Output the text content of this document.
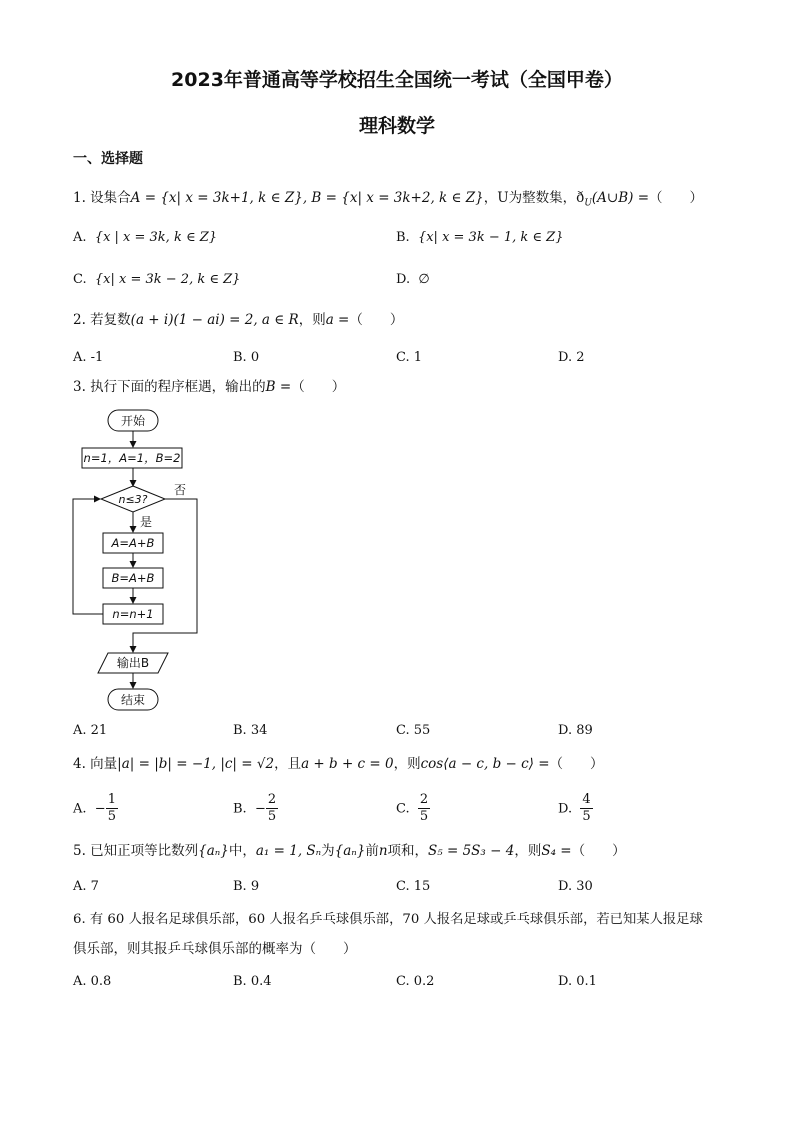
2023年普通高等学校招生全国统一考试（全国甲卷）
理科数学
一、选择题
1. 设集合A = {x| x = 3k+1, k ∈ Z}, B = {x| x = 3k+2, k ∈ Z}，U为整数集，$ð_U(A\cup B)$ =（　　）
A. {x | x = 3k, k ∈ Z}	B. {x| x = 3k − 1, k ∈ Z}
C. {x| x = 3k − 2, k ∈ Z}	D. ∅
2. 若复数(a + i)(1 − ai) = 2, a ∈ R，则a =（　　）
A. -1	B. 0	C. 1	D. 2
3. 执行下面的程序框遇，输出的B =（　　）
开始
n=1，A=1，B=2
n≤3?
否
是
A=A+B
B=A+B
n=n+1
输出B
结束
A. 21	B. 34	C. 55	D. 89
4. 向量|a| = |b| = −1, |c| = √2，且a + b + c = 0，则cos⟨a − c, b − c⟩ =（　　）
A. − $\frac{1}{5}$	B. − $\frac{2}{5}$	C. $\frac{2}{5}$	D. $\frac{4}{5}$
5. 已知正项等比数列{aₙ}中，a₁ = 1, Sₙ为{aₙ}前n项和，S₅ = 5S₃ − 4，则S₄ =（　　）
A. 7	B. 9	C. 15	D. 30
6. 有 60 人报名足球俱乐部，60 人报名乒乓球俱乐部，70 人报名足球或乒乓球俱乐部，若已知某人报足球
俱乐部，则其报乒乓球俱乐部的概率为（　　）
A. 0.8	B. 0.4	C. 0.2	D. 0.1
